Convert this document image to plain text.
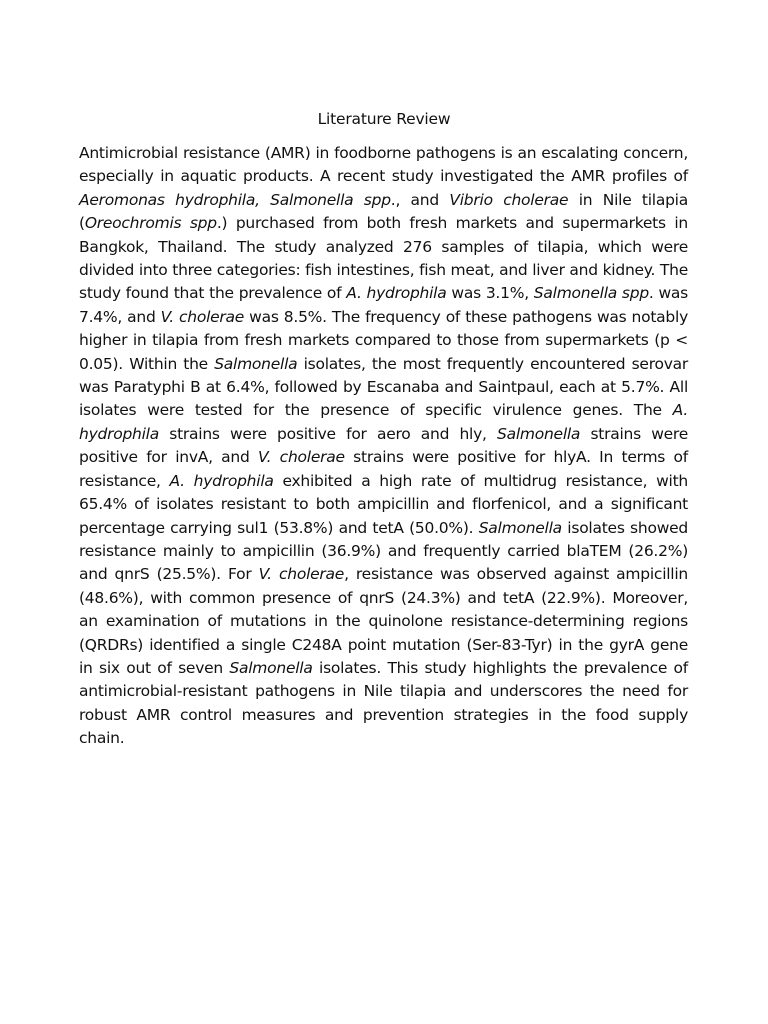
Literature Review

Antimicrobial resistance (AMR) in foodborne pathogens is an escalating concern, especially in aquatic products. A recent study investigated the AMR profiles of Aeromonas hydrophila, Salmonella spp., and Vibrio cholerae in Nile tilapia (Oreochromis spp.) purchased from both fresh markets and supermarkets in Bangkok, Thailand. The study analyzed 276 samples of tilapia, which were divided into three categories: fish intestines, fish meat, and liver and kidney. The study found that the prevalence of A. hydrophila was 3.1%, Salmonella spp. was 7.4%, and V. cholerae was 8.5%. The frequency of these pathogens was notably higher in tilapia from fresh markets compared to those from supermarkets (p < 0.05). Within the Salmonella isolates, the most frequently encountered serovar was Paratyphi B at 6.4%, followed by Escanaba and Saintpaul, each at 5.7%. All isolates were tested for the presence of specific virulence genes. The A. hydrophila strains were positive for aero and hly, Salmonella strains were positive for invA, and V. cholerae strains were positive for hlyA. In terms of resistance, A. hydrophila exhibited a high rate of multidrug resistance, with 65.4% of isolates resistant to both ampicillin and florfenicol, and a significant percentage carrying sul1 (53.8%) and tetA (50.0%). Salmonella isolates showed resistance mainly to ampicillin (36.9%) and frequently carried blaTEM (26.2%) and qnrS (25.5%). For V. cholerae, resistance was observed against ampicillin (48.6%), with common presence of qnrS (24.3%) and tetA (22.9%). Moreover, an examination of mutations in the quinolone resistance-determining regions (QRDRs) identified a single C248A point mutation (Ser-83-Tyr) in the gyrA gene in six out of seven Salmonella isolates. This study highlights the prevalence of antimicrobial-resistant pathogens in Nile tilapia and underscores the need for robust AMR control measures and prevention strategies in the food supply chain.
